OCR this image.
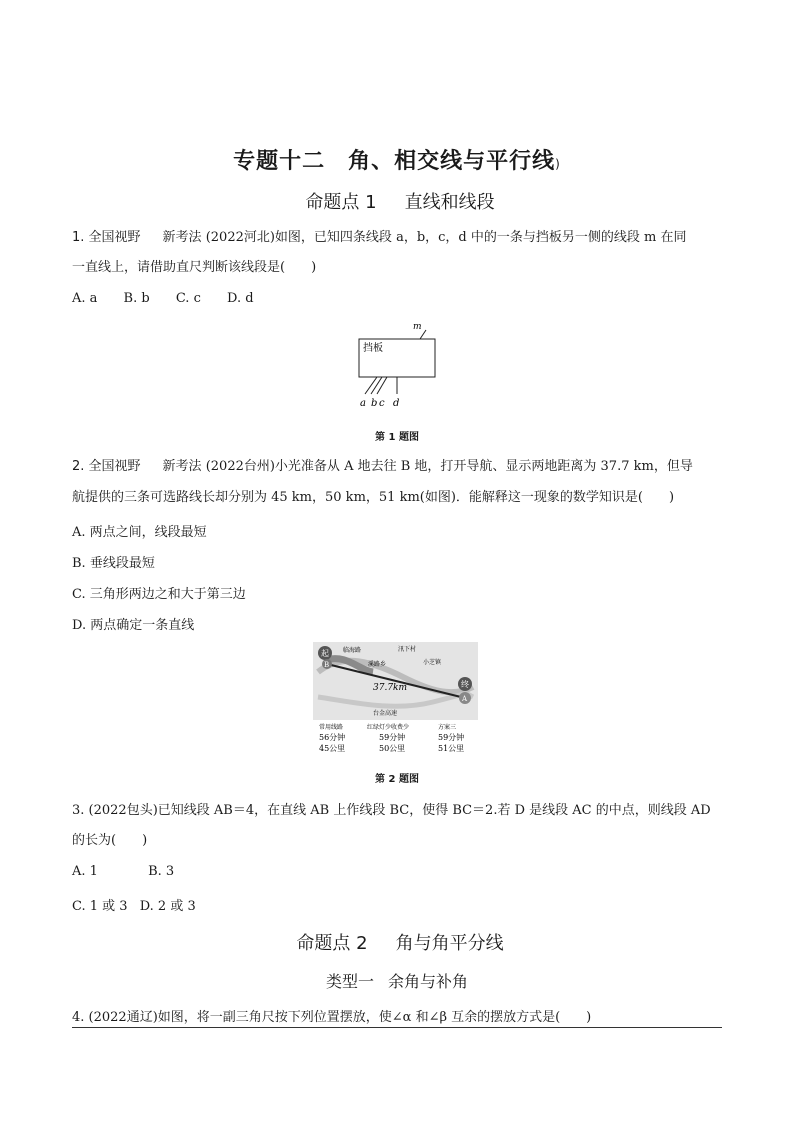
专题十二　角、相交线与平行线)
命题点 1 直线和线段
1. 全国视野 新考法 (2022河北)如图，已知四条线段 a，b，c，d 中的一条与挡板另一侧的线段 m 在同
一直线上，请借助直尺判断该线段是(　　)
A. a B. b C. c D. d
m
挡板
a b c d
第 1 题图
2. 全国视野 新考法 (2022台州)小光准备从 A 地去往 B 地，打开导航、显示两地距离为 37.7 km，但导
航提供的三条可选路线长却分别为 45 km，50 km，51 km(如图)．能解释这一现象的数学知识是(　　)
A. 两点之间，线段最短
B. 垂线段最短
C. 三角形两边之和大于第三边
D. 两点确定一条直线
起
B
终
A
临海路	汛下村
溪路乡	小芝镇
37.7km
台金高速
常用线路
56分钟
45公里
红绿灯少收费少
59分钟
50公里
方案三
59分钟
51公里
第 2 题图
3. (2022包头)已知线段 AB＝4，在直线 AB 上作线段 BC，使得 BC＝2.若 D 是线段 AC 的中点，则线段 AD
的长为(　　)
A. 1	B. 3
C. 1 或 3 D. 2 或 3
命题点 2 角与角平分线
类型一 余角与补角
4. (2022通辽)如图，将一副三角尺按下列位置摆放，使∠α 和∠β 互余的摆放方式是(　　)
